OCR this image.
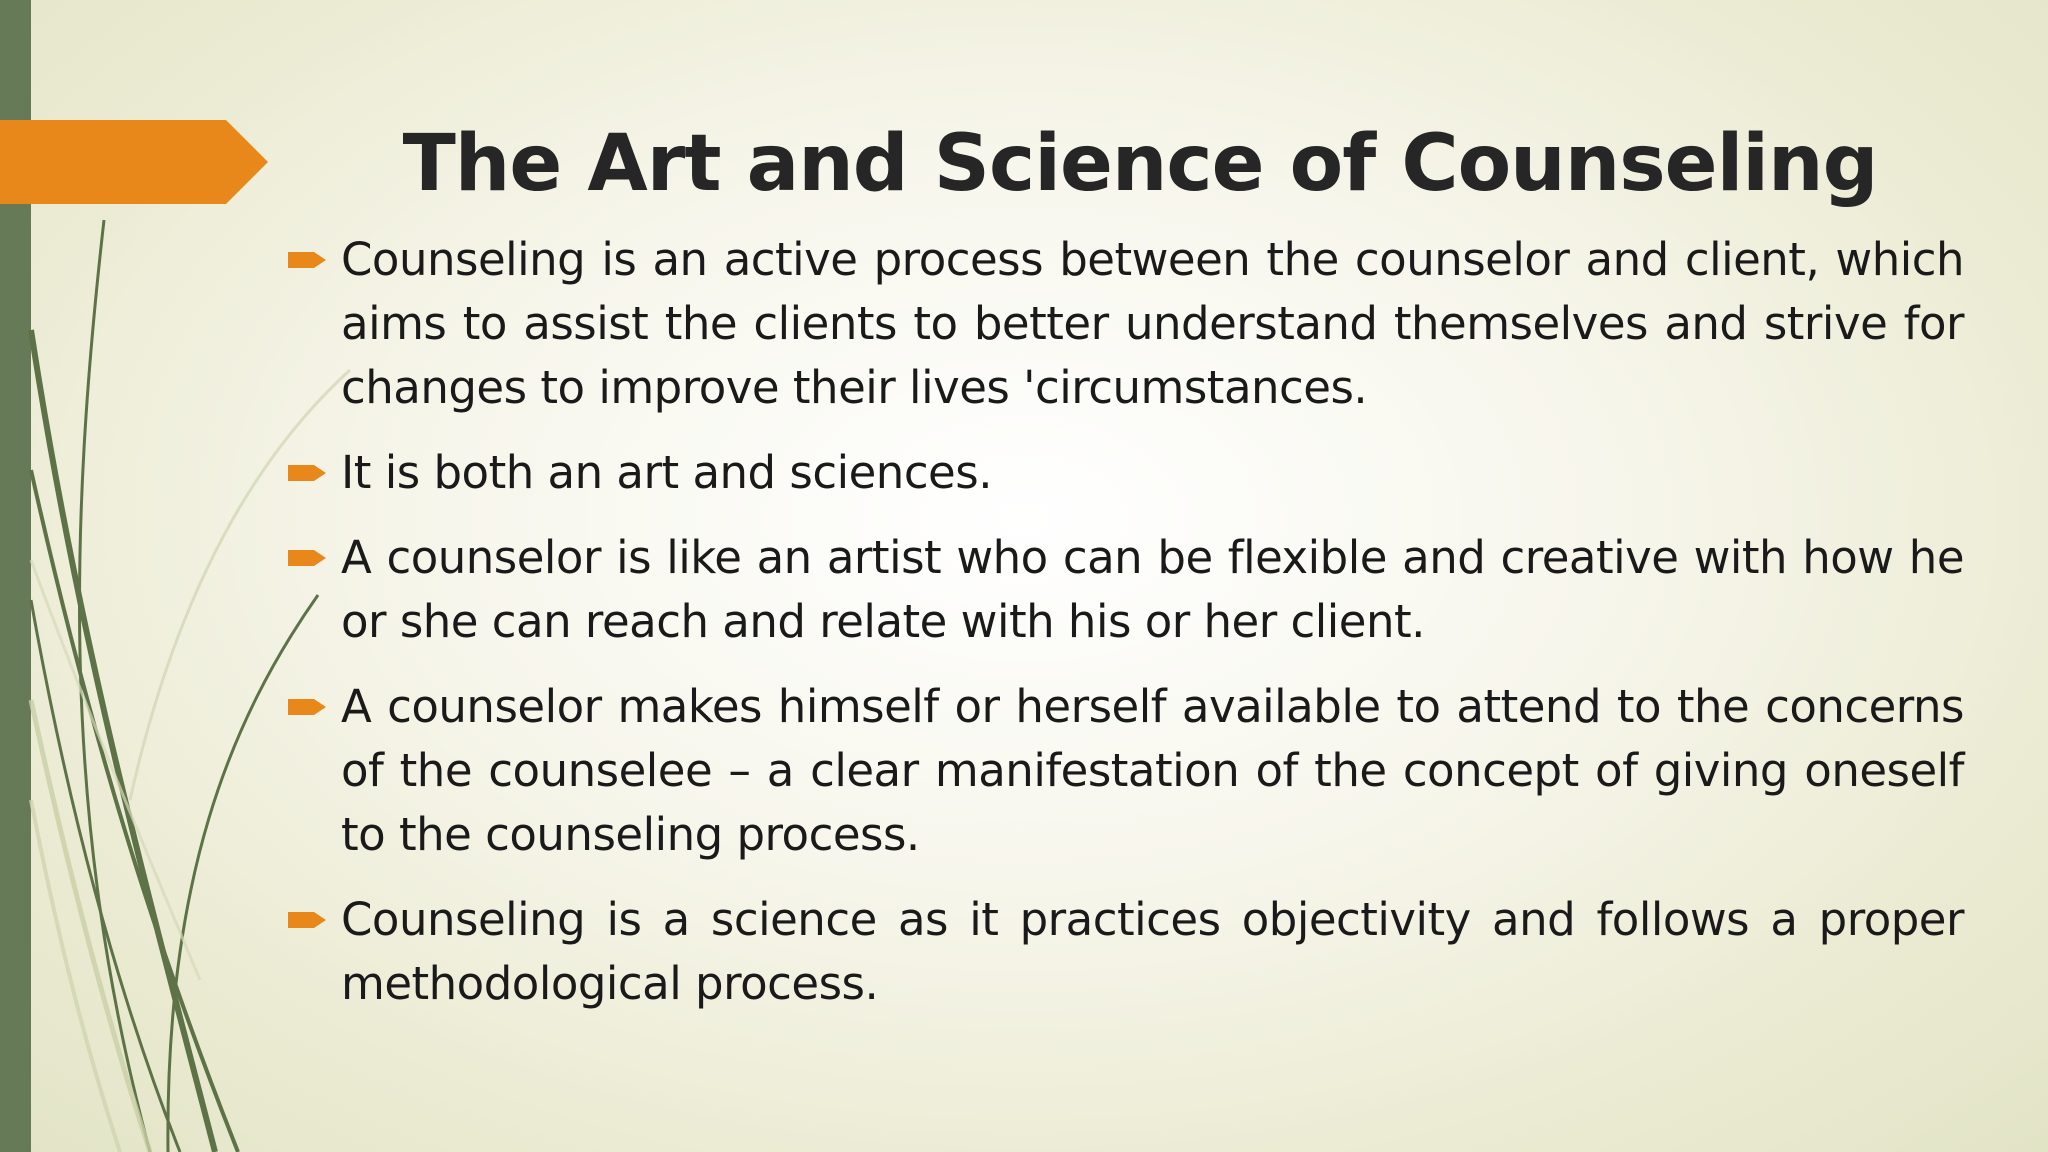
The Art and Science of Counseling
Counseling is an active process between the counselor and client, which aims to assist the clients to better understand themselves and strive for changes to improve their lives 'circumstances.
It is both an art and sciences.
A counselor is like an artist who can be flexible and creative with how he or she can reach and relate with his or her client.
A counselor makes himself or herself available to attend to the concerns of the counselee – a clear manifestation of the concept of giving oneself to the counseling process.
Counseling is a science as it practices objectivity and follows a proper methodological process.
